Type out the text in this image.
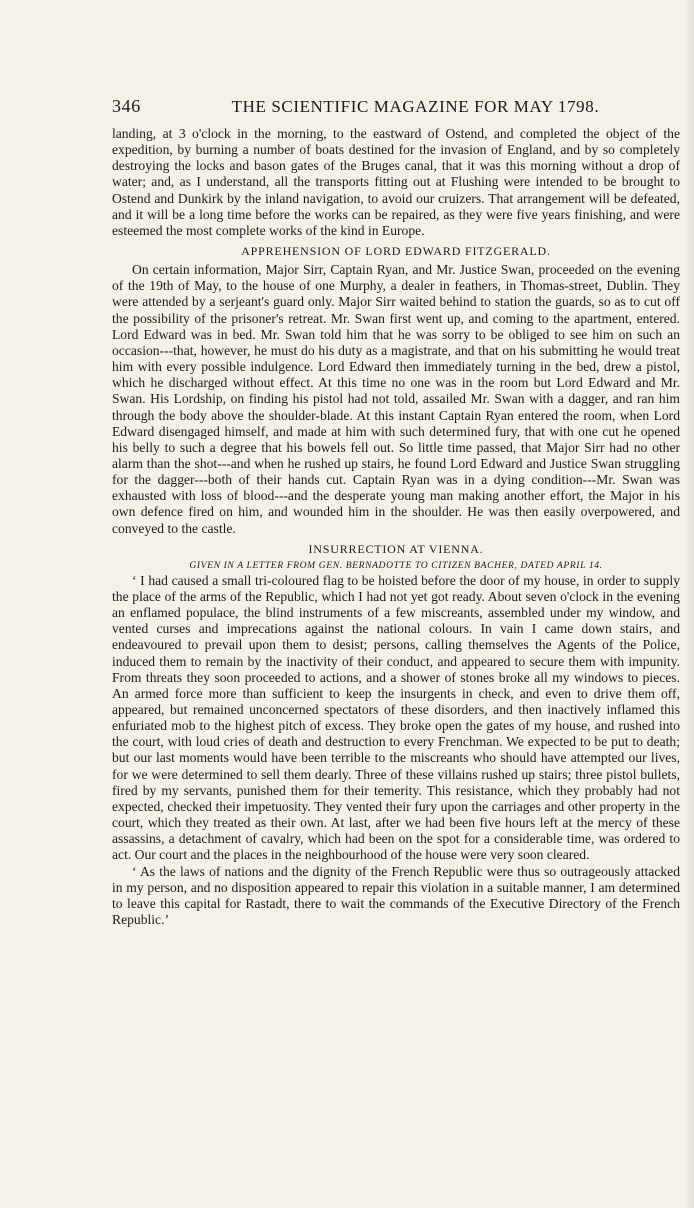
346	THE SCIENTIFIC MAGAZINE FOR MAY 1798.

landing, at 3 o'clock in the morning, to the eastward of Ostend, and completed the object of the expedition, by burning a number of boats destined for the invasion of England, and by so completely destroying the locks and bason gates of the Bruges canal, that it was this morning without a drop of water; and, as I understand, all the transports fitting out at Flushing were intended to be brought to Ostend and Dunkirk by the inland navigation, to avoid our cruizers. That arrangement will be defeated, and it will be a long time before the works can be repaired, as they were five years finishing, and were esteemed the most complete works of the kind in Europe.

APPREHENSION OF LORD EDWARD FITZGERALD.

On certain information, Major Sirr, Captain Ryan, and Mr. Justice Swan, proceeded on the evening of the 19th of May, to the house of one Murphy, a dealer in feathers, in Thomas-street, Dublin. They were attended by a serjeant's guard only. Major Sirr waited behind to station the guards, so as to cut off the possibility of the prisoner's retreat. Mr. Swan first went up, and coming to the apartment, entered. Lord Edward was in bed. Mr. Swan told him that he was sorry to be obliged to see him on such an occasion---that, however, he must do his duty as a magistrate, and that on his submitting he would treat him with every possible indulgence. Lord Edward then immediately turning in the bed, drew a pistol, which he discharged without effect. At this time no one was in the room but Lord Edward and Mr. Swan. His Lordship, on finding his pistol had not told, assailed Mr. Swan with a dagger, and ran him through the body above the shoulder-blade. At this instant Captain Ryan entered the room, when Lord Edward disengaged himself, and made at him with such determined fury, that with one cut he opened his belly to such a degree that his bowels fell out. So little time passed, that Major Sirr had no other alarm than the shot---and when he rushed up stairs, he found Lord Edward and Justice Swan struggling for the dagger---both of their hands cut. Captain Ryan was in a dying condition---Mr. Swan was exhausted with loss of blood---and the desperate young man making another effort, the Major in his own defence fired on him, and wounded him in the shoulder. He was then easily overpowered, and conveyed to the castle.

INSURRECTION AT VIENNA.
GIVEN IN A LETTER FROM GEN. BERNADOTTE TO CITIZEN BACHER, DATED APRIL 14.

‘ I had caused a small tri-coloured flag to be hoisted before the door of my house, in order to supply the place of the arms of the Republic, which I had not yet got ready. About seven o'clock in the evening an enflamed populace, the blind instruments of a few miscreants, assembled under my window, and vented curses and imprecations against the national colours. In vain I came down stairs, and endeavoured to prevail upon them to desist; persons, calling themselves the Agents of the Police, induced them to remain by the inactivity of their conduct, and appeared to secure them with impunity. From threats they soon proceeded to actions, and a shower of stones broke all my windows to pieces. An armed force more than sufficient to keep the insurgents in check, and even to drive them off, appeared, but remained unconcerned spectators of these disorders, and then inactively inflamed this enfuriated mob to the highest pitch of excess. They broke open the gates of my house, and rushed into the court, with loud cries of death and destruction to every Frenchman. We expected to be put to death; but our last moments would have been terrible to the miscreants who should have attempted our lives, for we were determined to sell them dearly. Three of these villains rushed up stairs; three pistol bullets, fired by my servants, punished them for their temerity. This resistance, which they probably had not expected, checked their impetuosity. They vented their fury upon the carriages and other property in the court, which they treated as their own. At last, after we had been five hours left at the mercy of these assassins, a detachment of cavalry, which had been on the spot for a considerable time, was ordered to act. Our court and the places in the neighbourhood of the house were very soon cleared.

‘ As the laws of nations and the dignity of the French Republic were thus so outrageously attacked in my person, and no disposition appeared to repair this violation in a suitable manner, I am determined to leave this capital for Rastadt, there to wait the commands of the Executive Directory of the French Republic.’
